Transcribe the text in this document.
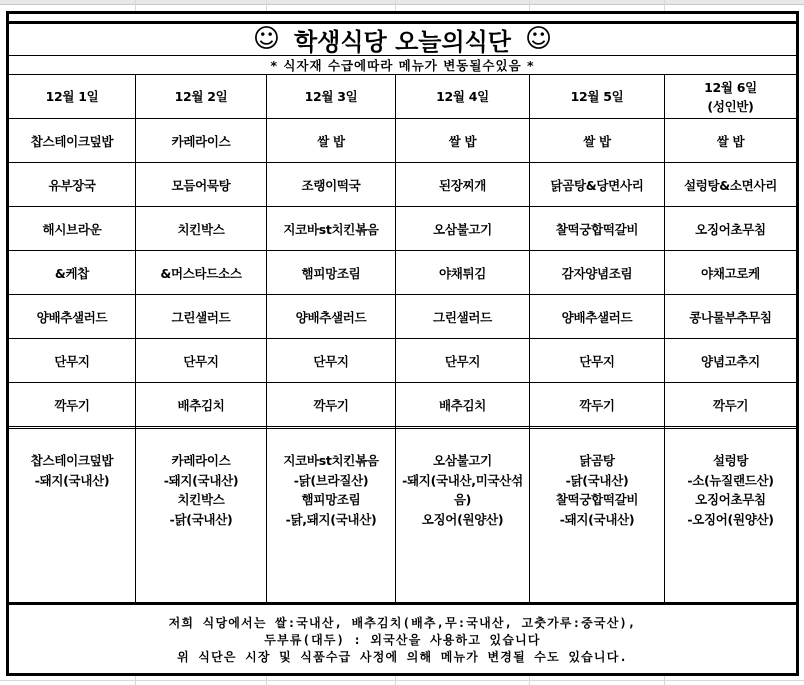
☺ 학생식당 오늘의식단 ☺
* 식자재 수급에따라 메뉴가 변동될수있음 *
12월 1일
찹스테이크덮밥
유부장국
해시브라운
&케찹
양배추샐러드
단무지
깍두기
찹스테이크덮밥
-돼지(국내산)
12월 2일
카레라이스
모듬어묵탕
치킨박스
&머스타드소스
그린샐러드
단무지
배추김치
카레라이스
-돼지(국내산)
치킨박스
-닭(국내산)
12월 3일
쌀 밥
조랭이떡국
지코바st치킨볶음
햄피망조림
양배추샐러드
단무지
깍두기
지코바st치킨볶음
-닭(브라질산)
햄피망조림
-닭,돼지(국내산)
12월 4일
쌀 밥
된장찌개
오삼불고기
야채튀김
그린샐러드
단무지
배추김치
오삼불고기
-돼지(국내산,미국산섞
음)
오징어(원양산)
12월 5일
쌀 밥
닭곰탕&당면사리
찰떡궁합떡갈비
감자양념조림
양배추샐러드
단무지
깍두기
닭곰탕
-닭(국내산)
찰떡궁합떡갈비
-돼지(국내산)
12월 6일
(성인반)
쌀 밥
설렁탕&소면사리
오징어초무침
야채고로케
콩나물부추무침
양념고추지
깍두기
설렁탕
-소(뉴질랜드산)
오징어초무침
-오징어(원양산)
저희 식당에서는 쌀:국내산, 배추김치(배추,무:국내산, 고춧가루:중국산),
두부류(대두) : 외국산을 사용하고 있습니다
위 식단은 시장 및 식품수급 사정에 의해 메뉴가 변경될 수도 있습니다.
